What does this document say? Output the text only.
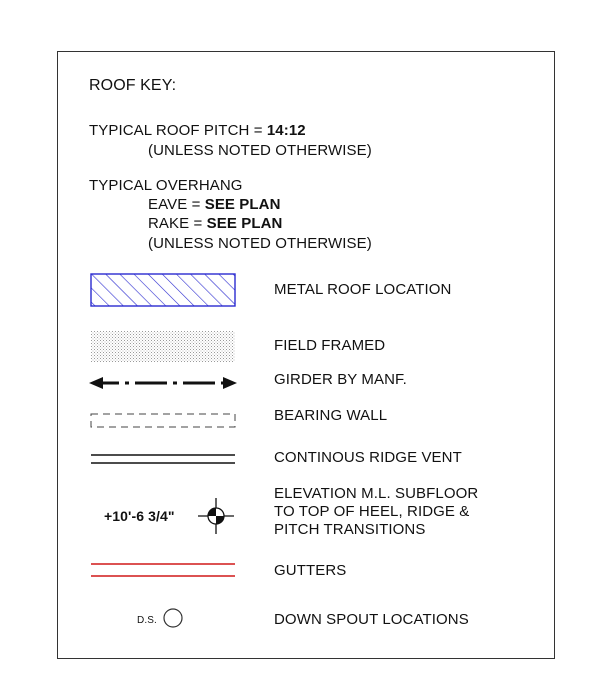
ROOF KEY:
TYPICAL ROOF PITCH = 14:12
(UNLESS NOTED OTHERWISE)
TYPICAL OVERHANG
EAVE = SEE PLAN
RAKE = SEE PLAN
(UNLESS NOTED OTHERWISE)
METAL ROOF LOCATION
FIELD FRAMED
GIRDER BY MANF.
BEARING WALL
CONTINOUS RIDGE VENT
+10'-6 3/4"
ELEVATION M.L. SUBFLOOR
TO TOP OF HEEL, RIDGE &
PITCH TRANSITIONS
GUTTERS
D.S.	DOWN SPOUT LOCATIONS
